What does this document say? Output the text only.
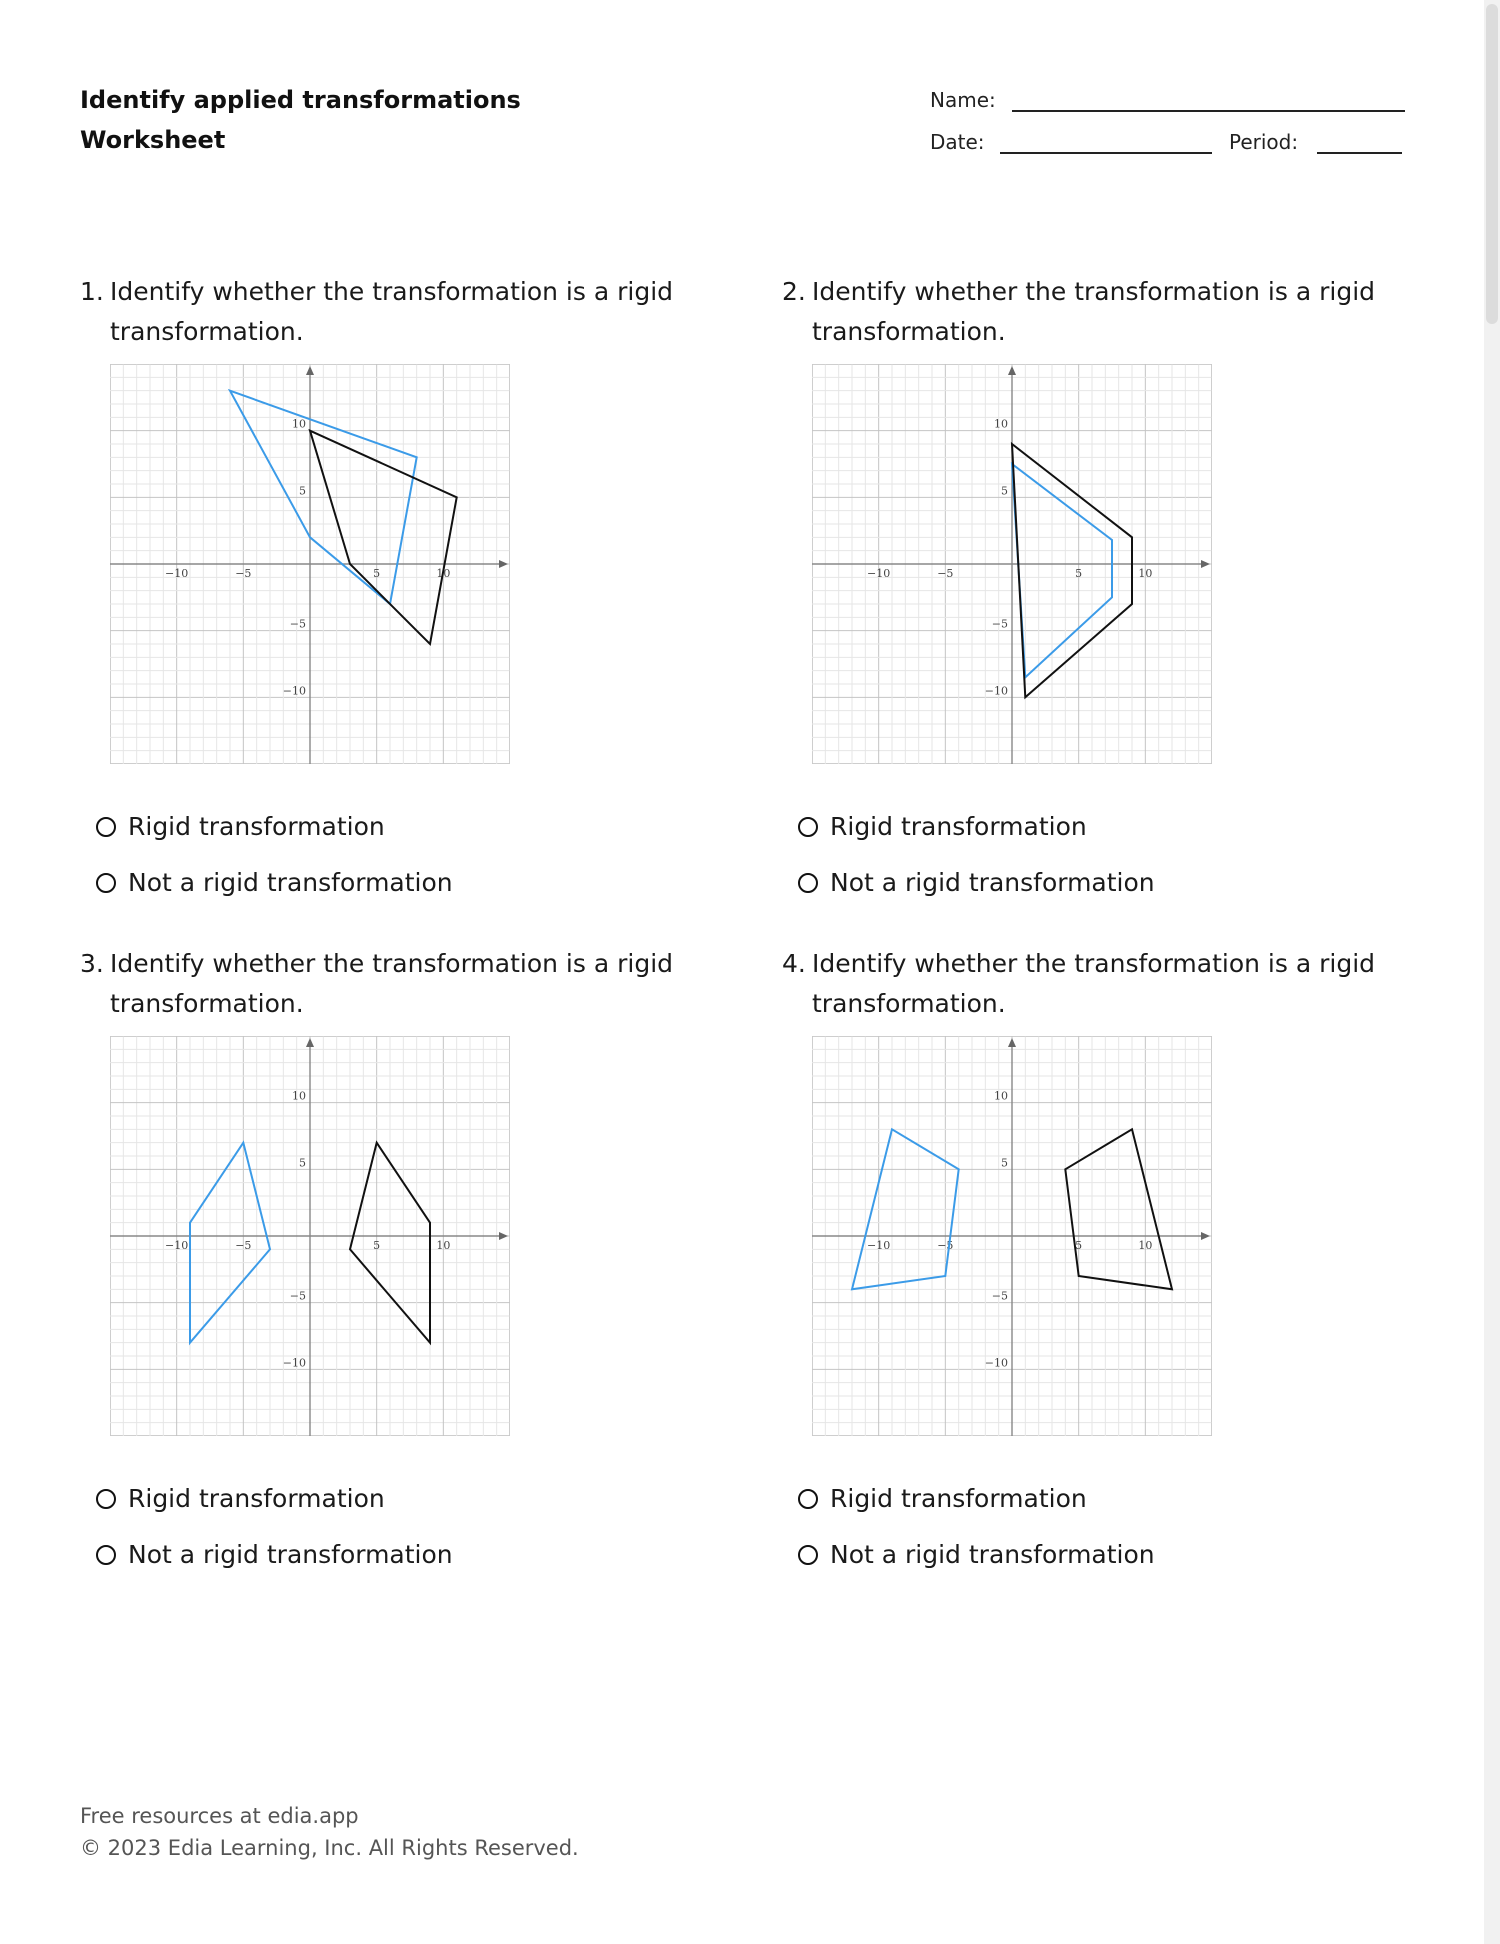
Identify applied transformations
Worksheet
Name:
Date:	Period:
1. Identify whether the transformation is a rigid
transformation.
−10	−5	5	10
−10
−5
5
10
Rigid transformation
Not a rigid transformation
2. Identify whether the transformation is a rigid
transformation.
−10	−5	5	10
−10
−5
5
10
Rigid transformation
Not a rigid transformation
3. Identify whether the transformation is a rigid
transformation.
−10	−5	5	10
−10
−5
5
10
Rigid transformation
Not a rigid transformation
4. Identify whether the transformation is a rigid
transformation.
−10	−5	5	10
−10
−5
5
10
Rigid transformation
Not a rigid transformation
Free resources at edia.app
© 2023 Edia Learning, Inc. All Rights Reserved.
